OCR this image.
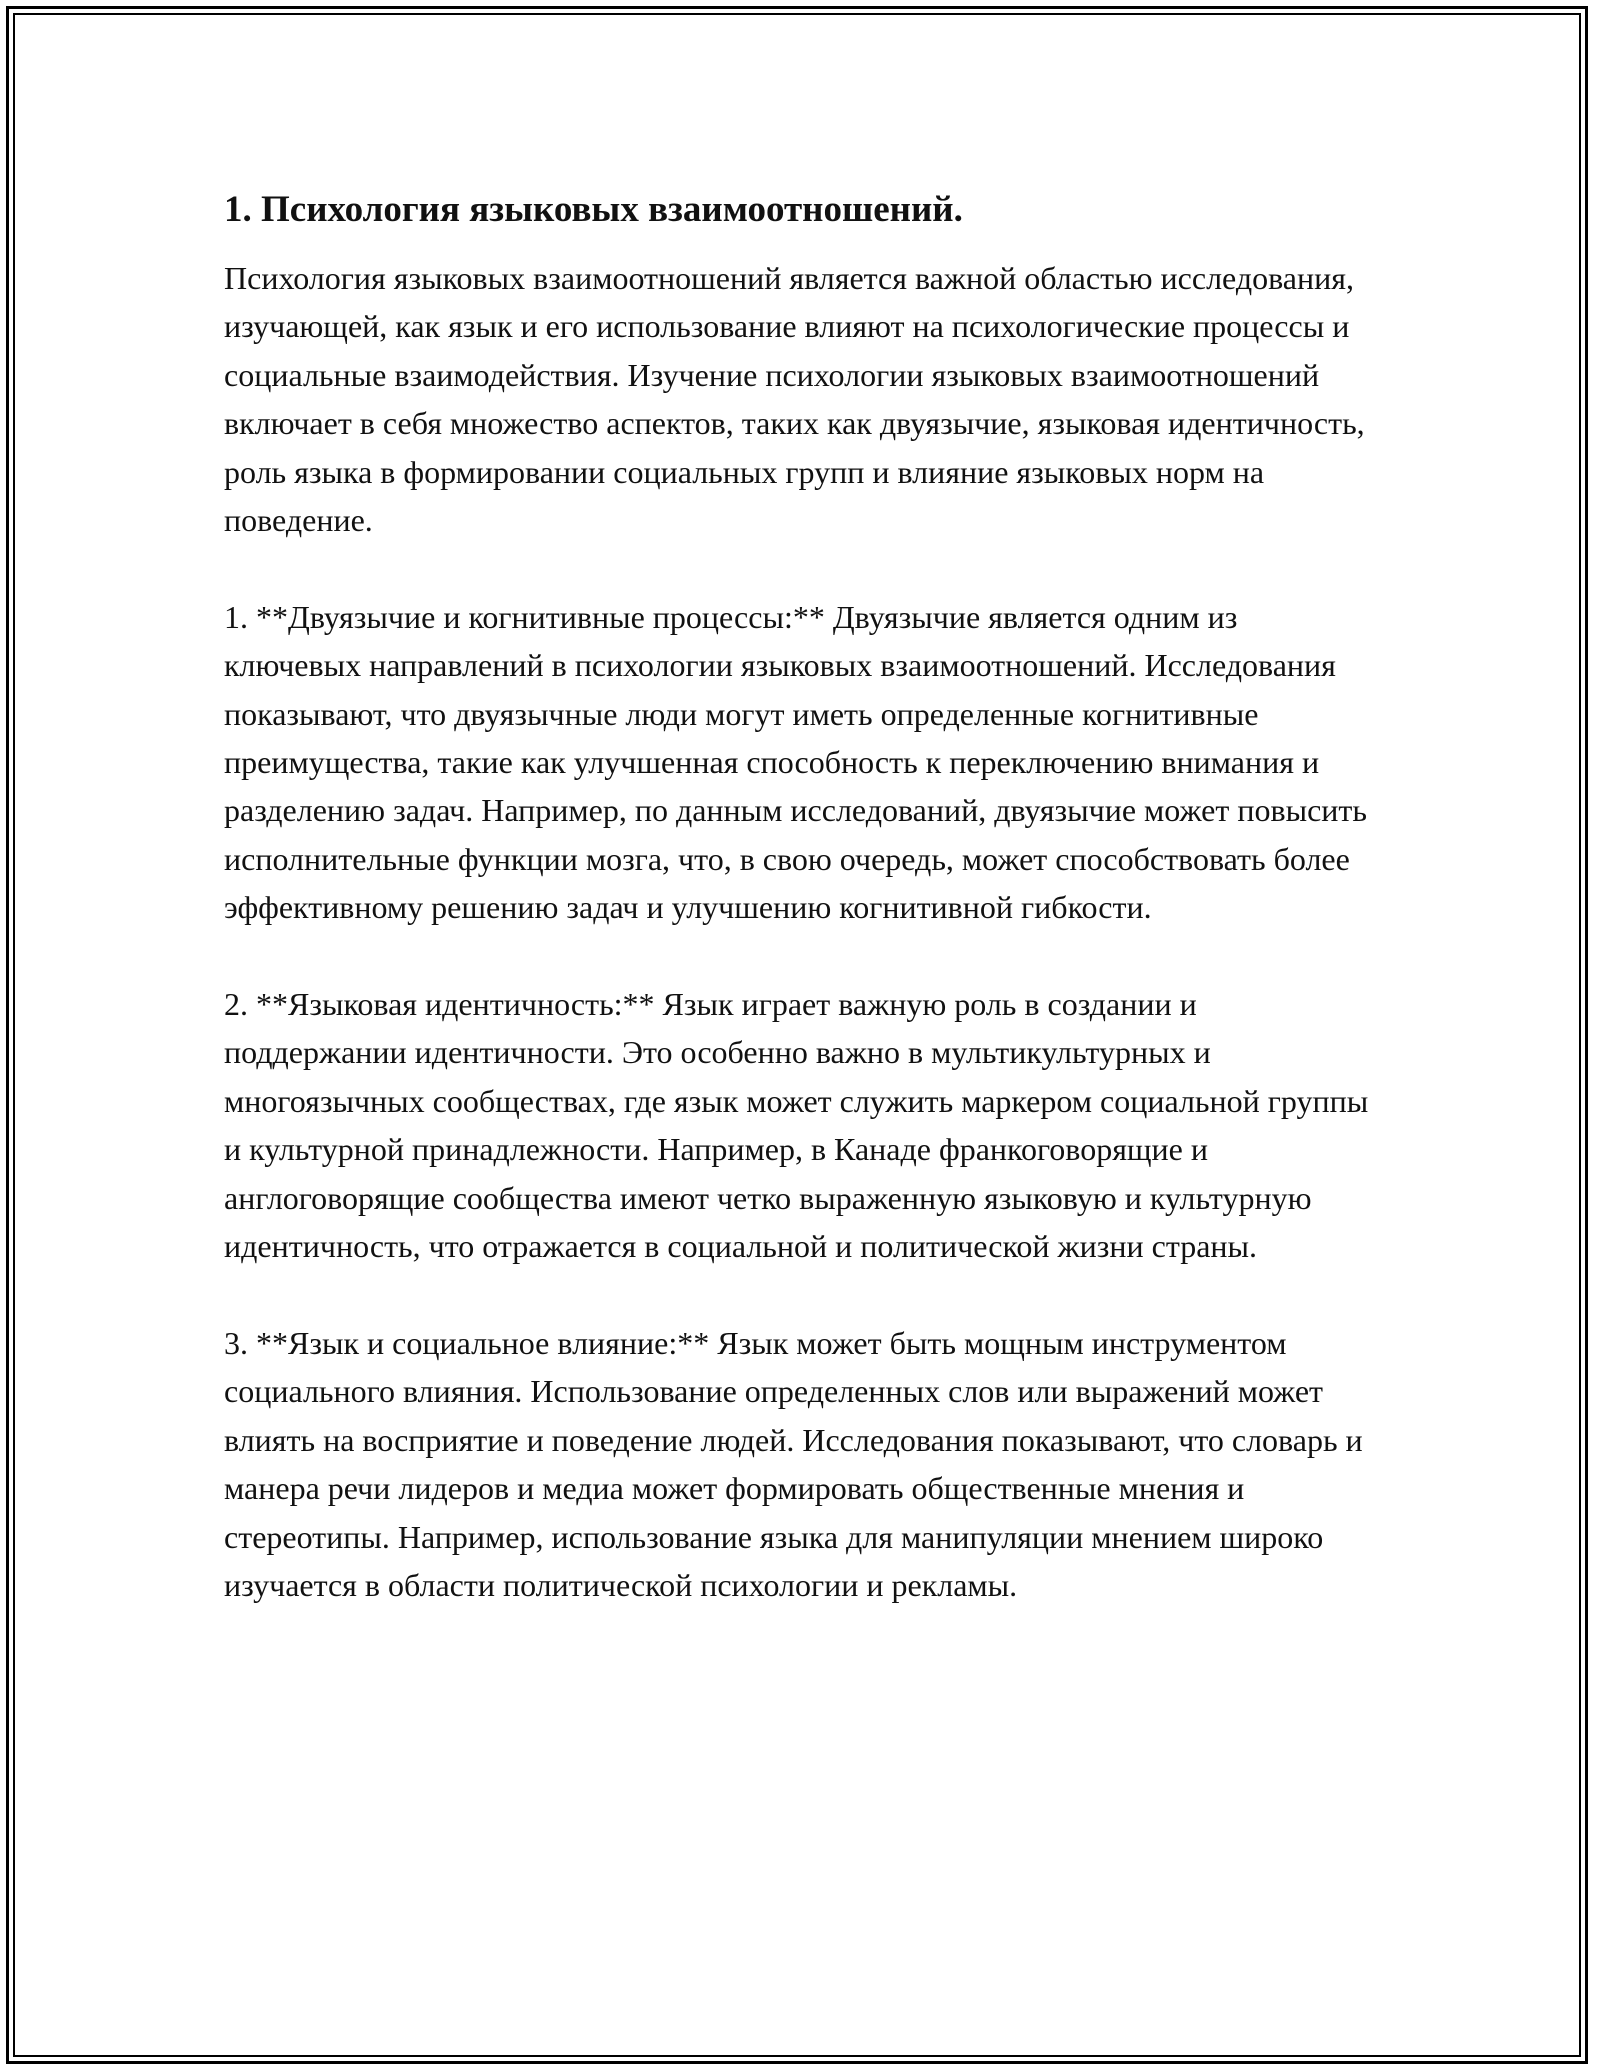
1. Психология языковых взаимоотношений.

Психология языковых взаимоотношений является важной областью исследования, изучающей, как язык и его использование влияют на психологические процессы и социальные взаимодействия. Изучение психологии языковых взаимоотношений включает в себя множество аспектов, таких как двуязычие, языковая идентичность, роль языка в формировании социальных групп и влияние языковых норм на поведение.

1. **Двуязычие и когнитивные процессы:** Двуязычие является одним из ключевых направлений в психологии языковых взаимоотношений. Исследования показывают, что двуязычные люди могут иметь определенные когнитивные преимущества, такие как улучшенная способность к переключению внимания и разделению задач. Например, по данным исследований, двуязычие может повысить исполнительные функции мозга, что, в свою очередь, может способствовать более эффективному решению задач и улучшению когнитивной гибкости.

2. **Языковая идентичность:** Язык играет важную роль в создании и поддержании идентичности. Это особенно важно в мультикультурных и многоязычных сообществах, где язык может служить маркером социальной группы и культурной принадлежности. Например, в Канаде франкоговорящие и англоговорящие сообщества имеют четко выраженную языковую и культурную идентичность, что отражается в социальной и политической жизни страны.

3. **Язык и социальное влияние:** Язык может быть мощным инструментом социального влияния. Использование определенных слов или выражений может влиять на восприятие и поведение людей. Исследования показывают, что словарь и манера речи лидеров и медиа может формировать общественные мнения и стереотипы. Например, использование языка для манипуляции мнением широко изучается в области политической психологии и рекламы.
